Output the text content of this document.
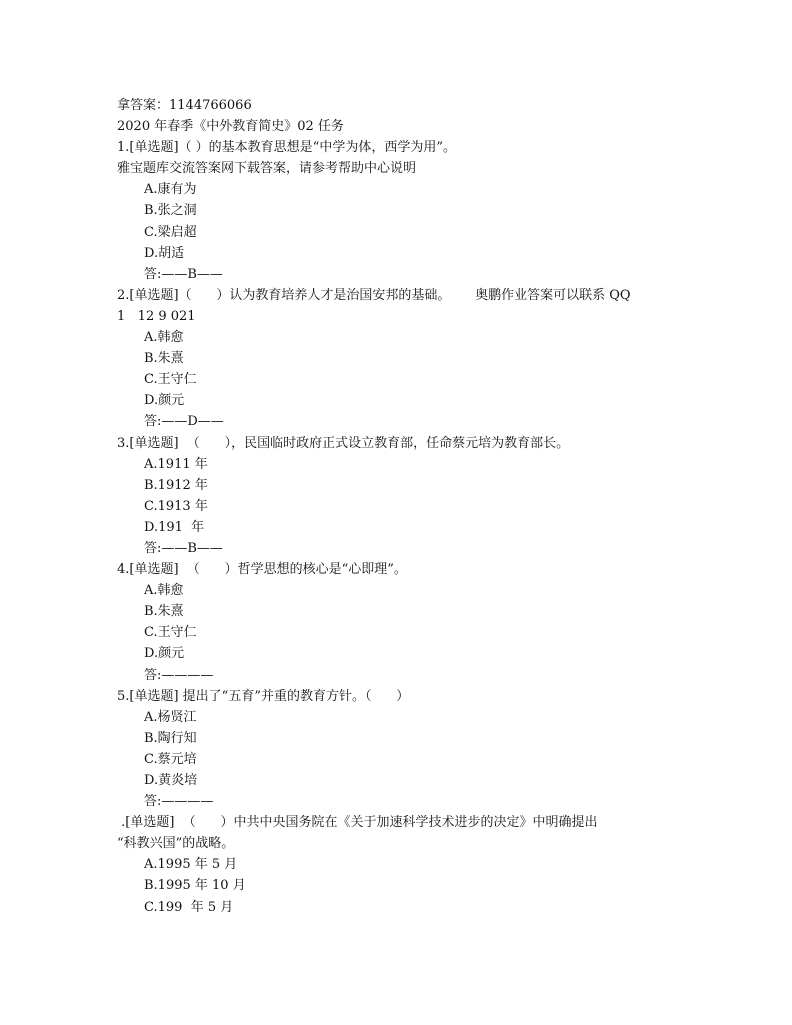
拿答案：1144766066
2020 年春季《中外教育简史》02 任务
1.[单选题]（ ）的基本教育思想是“中学为体，西学为用”。
雅宝题库交流答案网下载答案，请参考帮助中心说明
A.康有为
B.张之洞
C.梁启超
D.胡适
答:——B——
2.[单选题]（      ）认为教育培养人才是治国安邦的基础。      奥鹏作业答案可以联系 QQ
1   12 9 021
A.韩愈
B.朱熹
C.王守仁
D.颜元
答:——D——
3.[单选题]  （      ），民国临时政府正式设立教育部，任命蔡元培为教育部长。
A.1911 年
B.1912 年
C.1913 年
D.191  年
答:——B——
4.[单选题]  （      ）哲学思想的核心是“心即理”。
A.韩愈
B.朱熹
C.王守仁
D.颜元
答:————
5.[单选题] 提出了“五育”并重的教育方针。（      ）
A.杨贤江
B.陶行知
C.蔡元培
D.黄炎培
答:————
.[单选题]  （      ）中共中央国务院在《关于加速科学技术进步的决定》中明确提出
“科教兴国”的战略。
A.1995 年 5 月
B.1995 年 10 月
C.199  年 5 月
